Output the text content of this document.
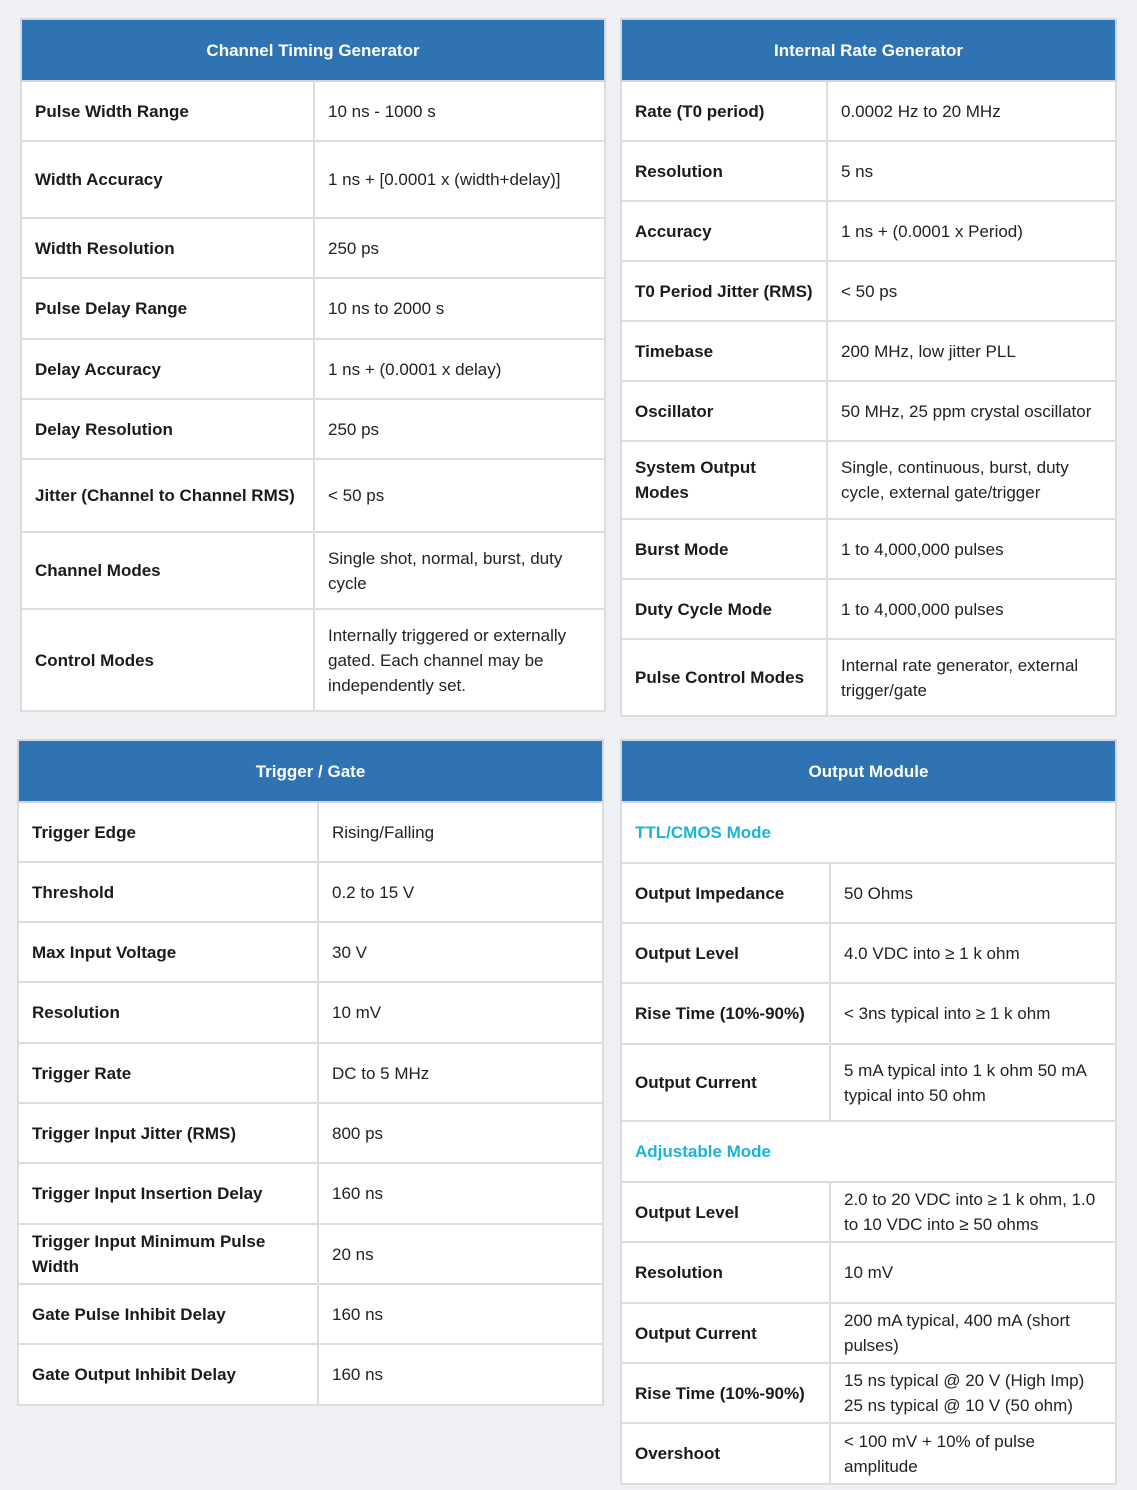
Channel Timing Generator	
Pulse Width Range	10 ns - 1000 s
Width Accuracy	1 ns + [0.0001 x (width+delay)]
Width Resolution	250 ps
Pulse Delay Range	10 ns to 2000 s
Delay Accuracy	1 ns + (0.0001 x delay)
Delay Resolution	250 ps
Jitter (Channel to Channel RMS)	< 50 ps
Channel Modes	Single shot, normal, burst, duty cycle
Control Modes	Internally triggered or externally gated. Each channel may be independently set.
Internal Rate Generator	
Rate (T0 period)	0.0002 Hz to 20 MHz
Resolution	5 ns
Accuracy	1 ns + (0.0001 x Period)
T0 Period Jitter (RMS)	< 50 ps
Timebase	200 MHz, low jitter PLL
Oscillator	50 MHz, 25 ppm crystal oscillator
System Output Modes	Single, continuous, burst, duty cycle, external gate/trigger
Burst Mode	1 to 4,000,000 pulses
Duty Cycle Mode	1 to 4,000,000 pulses
Pulse Control Modes	Internal rate generator, external trigger/gate
Trigger / Gate	
Trigger Edge	Rising/Falling
Threshold	0.2 to 15 V
Max Input Voltage	30 V
Resolution	10 mV
Trigger Rate	DC to 5 MHz
Trigger Input Jitter (RMS)	800 ps
Trigger Input Insertion Delay	160 ns
Trigger Input Minimum Pulse Width	20 ns
Gate Pulse Inhibit Delay	160 ns
Gate Output Inhibit Delay	160 ns
Output Module	
TTL/CMOS Mode	
Output Impedance	50 Ohms
Output Level	4.0 VDC into ≥ 1 k ohm
Rise Time (10%-90%)	< 3ns typical into ≥ 1 k ohm
Output Current	5 mA typical into 1 k ohm 50 mA typical into 50 ohm
Adjustable Mode	
Output Level	2.0 to 20 VDC into ≥ 1 k ohm, 1.0 to 10 VDC into ≥ 50 ohms
Resolution	10 mV
Output Current	200 mA typical, 400 mA (short pulses)
Rise Time (10%-90%)	15 ns typical @ 20 V (High Imp) 25 ns typical @ 10 V (50 ohm)
Overshoot	< 100 mV + 10% of pulse amplitude
